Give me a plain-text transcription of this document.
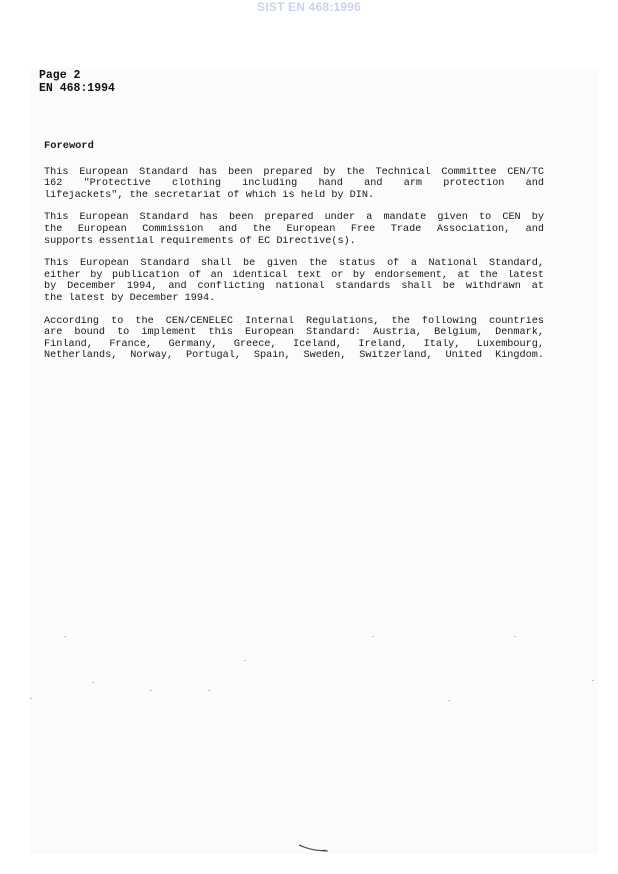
SIST EN 468:1996
Page 2
EN 468:1994
Foreword
This European Standard has been prepared by the Technical Committee CEN/TC
162 "Protective clothing including hand and arm protection and
lifejackets", the secretariat of which is held by DIN.
This European Standard has been prepared under a mandate given to CEN by
the European Commission and the European Free Trade Association, and
supports essential requirements of EC Directive(s).
This European Standard shall be given the status of a National Standard,
either by publication of an identical text or by endorsement, at the latest
by December 1994, and conflicting national standards shall be withdrawn at
the latest by December 1994.
According to the CEN/CENELEC Internal Regulations, the following countries
are bound to implement this European Standard: Austria, Belgium, Denmark,
Finland, France, Germany, Greece, Iceland, Ireland, Italy, Luxembourg,
Netherlands, Norway, Portugal, Spain, Sweden, Switzerland, United Kingdom.
